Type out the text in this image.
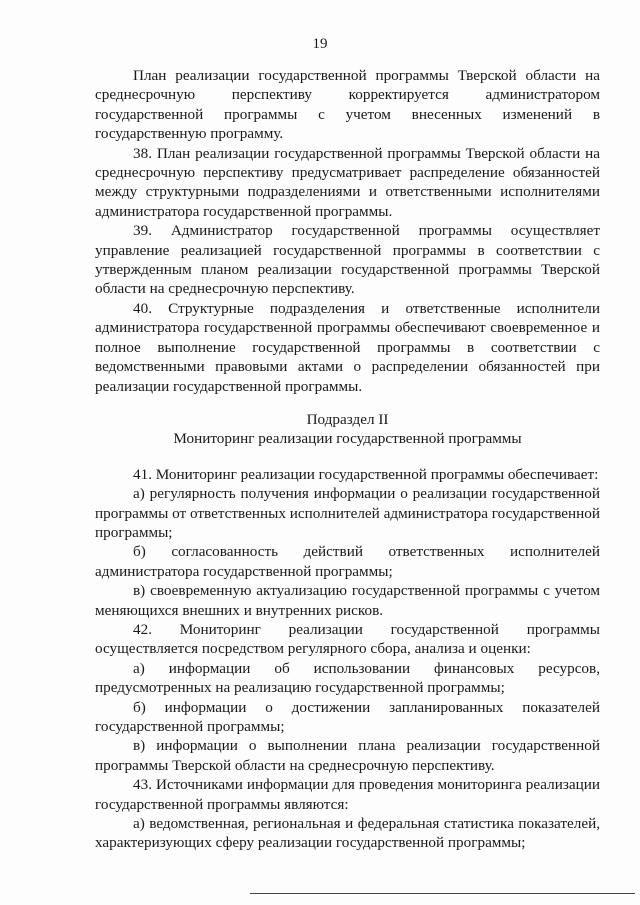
19

План реализации государственной программы Тверской области на среднесрочную перспективу корректируется администратором государственной программы с учетом внесенных изменений в государственную программу.

38. План реализации государственной программы Тверской области на среднесрочную перспективу предусматривает распределение обязанностей между структурными подразделениями и ответственными исполнителями администратора государственной программы.

39. Администратор государственной программы осуществляет управление реализацией государственной программы в соответствии с утвержденным планом реализации государственной программы Тверской области на среднесрочную перспективу.

40. Структурные подразделения и ответственные исполнители администратора государственной программы обеспечивают своевременное и полное выполнение государственной программы в соответствии с ведомственными правовыми актами о распределении обязанностей при реализации государственной программы.

Подраздел II

Мониторинг реализации государственной программы

41. Мониторинг реализации государственной программы обеспечивает:

а) регулярность получения информации о реализации государственной программы от ответственных исполнителей администратора государственной программы;

б) согласованность действий ответственных исполнителей администратора государственной программы;

в) своевременную актуализацию государственной программы с учетом меняющихся внешних и внутренних рисков.

42. Мониторинг реализации государственной программы осуществляется посредством регулярного сбора, анализа и оценки:

а) информации об использовании финансовых ресурсов, предусмотренных на реализацию государственной программы;

б) информации о достижении запланированных показателей государственной программы;

в) информации о выполнении плана реализации государственной программы Тверской области на среднесрочную перспективу.

43. Источниками информации для проведения мониторинга реализации государственной программы являются:

а) ведомственная, региональная и федеральная статистика показателей, характеризующих сферу реализации государственной программы;
